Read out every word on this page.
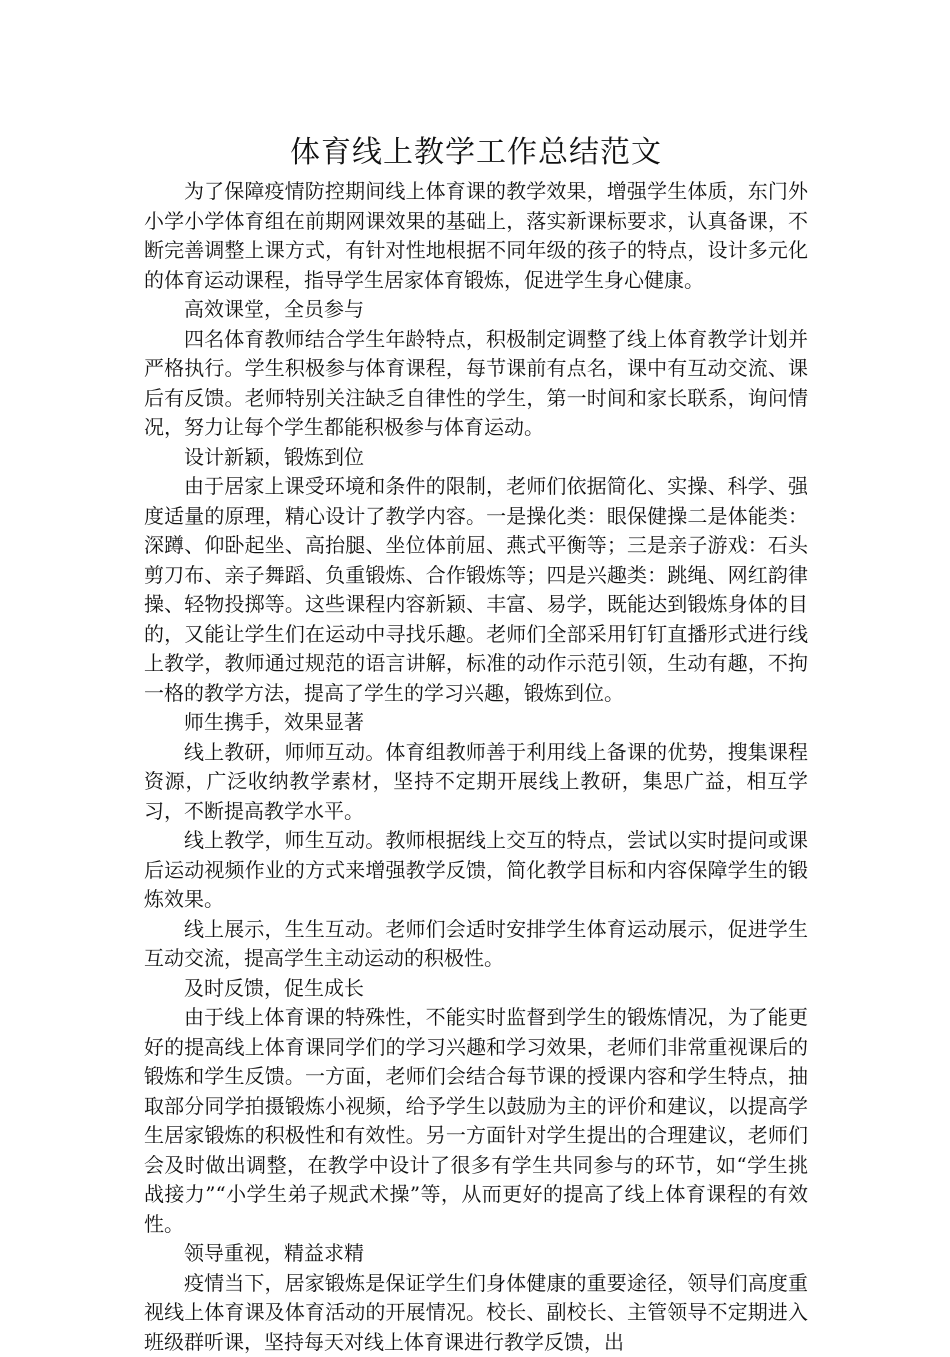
体育线上教学工作总结范文

为了保障疫情防控期间线上体育课的教学效果，增强学生体质，东门外小学小学体育组在前期网课效果的基础上，落实新课标要求，认真备课，不断完善调整上课方式，有针对性地根据不同年级的孩子的特点，设计多元化的体育运动课程，指导学生居家体育锻炼，促进学生身心健康。

高效课堂，全员参与

四名体育教师结合学生年龄特点，积极制定调整了线上体育教学计划并严格执行。学生积极参与体育课程，每节课前有点名，课中有互动交流、课后有反馈。老师特别关注缺乏自律性的学生，第一时间和家长联系，询问情况，努力让每个学生都能积极参与体育运动。

设计新颖，锻炼到位

由于居家上课受环境和条件的限制，老师们依据简化、实操、科学、强度适量的原理，精心设计了教学内容。一是操化类：眼保健操二是体能类：深蹲、仰卧起坐、高抬腿、坐位体前屈、燕式平衡等；三是亲子游戏：石头剪刀布、亲子舞蹈、负重锻炼、合作锻炼等；四是兴趣类：跳绳、网红韵律操、轻物投掷等。这些课程内容新颖、丰富、易学，既能达到锻炼身体的目的，又能让学生们在运动中寻找乐趣。老师们全部采用钉钉直播形式进行线上教学，教师通过规范的语言讲解，标准的动作示范引领，生动有趣，不拘一格的教学方法，提高了学生的学习兴趣，锻炼到位。

师生携手，效果显著

线上教研，师师互动。体育组教师善于利用线上备课的优势，搜集课程资源，广泛收纳教学素材，坚持不定期开展线上教研，集思广益，相互学习，不断提高教学水平。

线上教学，师生互动。教师根据线上交互的特点，尝试以实时提问或课后运动视频作业的方式来增强教学反馈，简化教学目标和内容保障学生的锻炼效果。

线上展示，生生互动。老师们会适时安排学生体育运动展示，促进学生互动交流，提高学生主动运动的积极性。

及时反馈，促生成长

由于线上体育课的特殊性，不能实时监督到学生的锻炼情况，为了能更好的提高线上体育课同学们的学习兴趣和学习效果，老师们非常重视课后的锻炼和学生反馈。一方面，老师们会结合每节课的授课内容和学生特点，抽取部分同学拍摄锻炼小视频，给予学生以鼓励为主的评价和建议，以提高学生居家锻炼的积极性和有效性。另一方面针对学生提出的合理建议，老师们会及时做出调整，在教学中设计了很多有学生共同参与的环节，如“学生挑战接力”“小学生弟子规武术操”等，从而更好的提高了线上体育课程的有效性。

领导重视，精益求精

疫情当下，居家锻炼是保证学生们身体健康的重要途径，领导们高度重视线上体育课及体育活动的开展情况。校长、副校长、主管领导不定期进入班级群听课，坚持每天对线上体育课进行教学反馈，出
